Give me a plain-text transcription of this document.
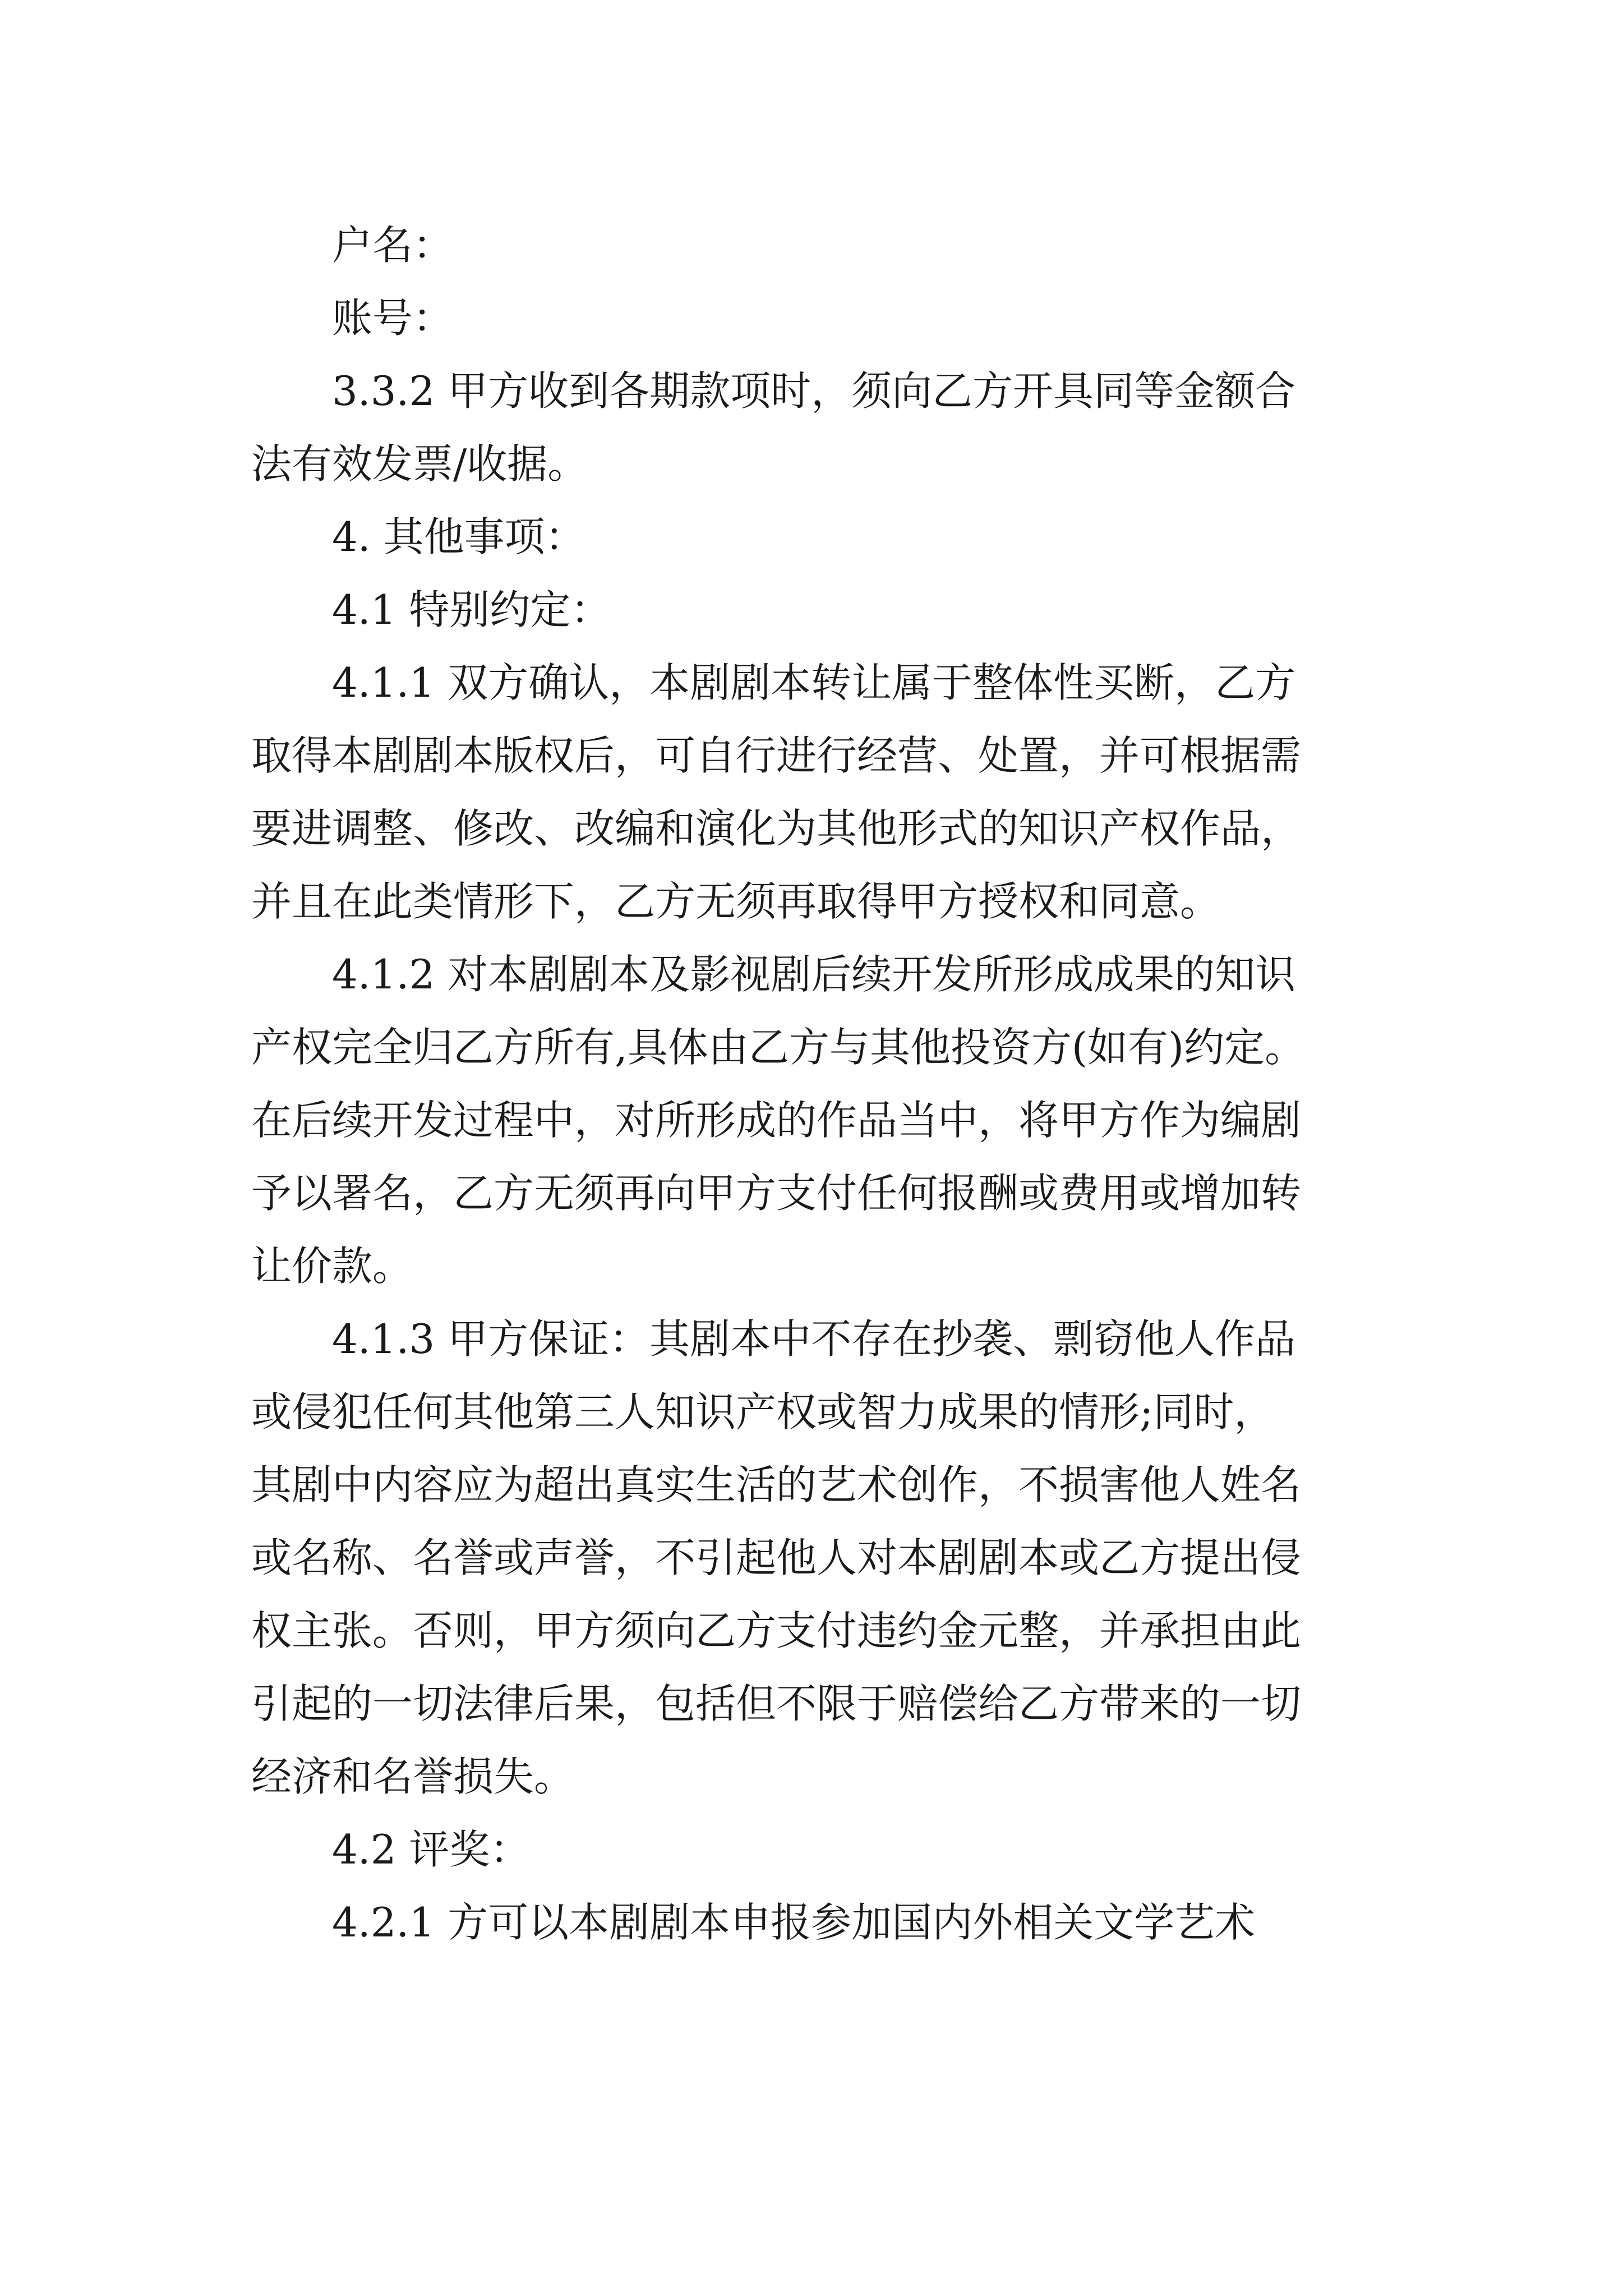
户名：
账号：
3.3.2 甲方收到各期款项时，须向乙方开具同等金额合
法有效发票/收据。
4. 其他事项：
4.1 特别约定：
4.1.1 双方确认，本剧剧本转让属于整体性买断，乙方
取得本剧剧本版权后，可自行进行经营、处置，并可根据需
要进调整、修改、改编和演化为其他形式的知识产权作品，
并且在此类情形下，乙方无须再取得甲方授权和同意。
4.1.2 对本剧剧本及影视剧后续开发所形成成果的知识
产权完全归乙方所有,具体由乙方与其他投资方(如有)约定。
在后续开发过程中，对所形成的作品当中，将甲方作为编剧
予以署名，乙方无须再向甲方支付任何报酬或费用或增加转
让价款。
4.1.3 甲方保证：其剧本中不存在抄袭、剽窃他人作品
或侵犯任何其他第三人知识产权或智力成果的情形;同时，
其剧中内容应为超出真实生活的艺术创作，不损害他人姓名
或名称、名誉或声誉，不引起他人对本剧剧本或乙方提出侵
权主张。否则，甲方须向乙方支付违约金元整，并承担由此
引起的一切法律后果，包括但不限于赔偿给乙方带来的一切
经济和名誉损失。
4.2 评奖：
4.2.1 方可以本剧剧本申报参加国内外相关文学艺术
